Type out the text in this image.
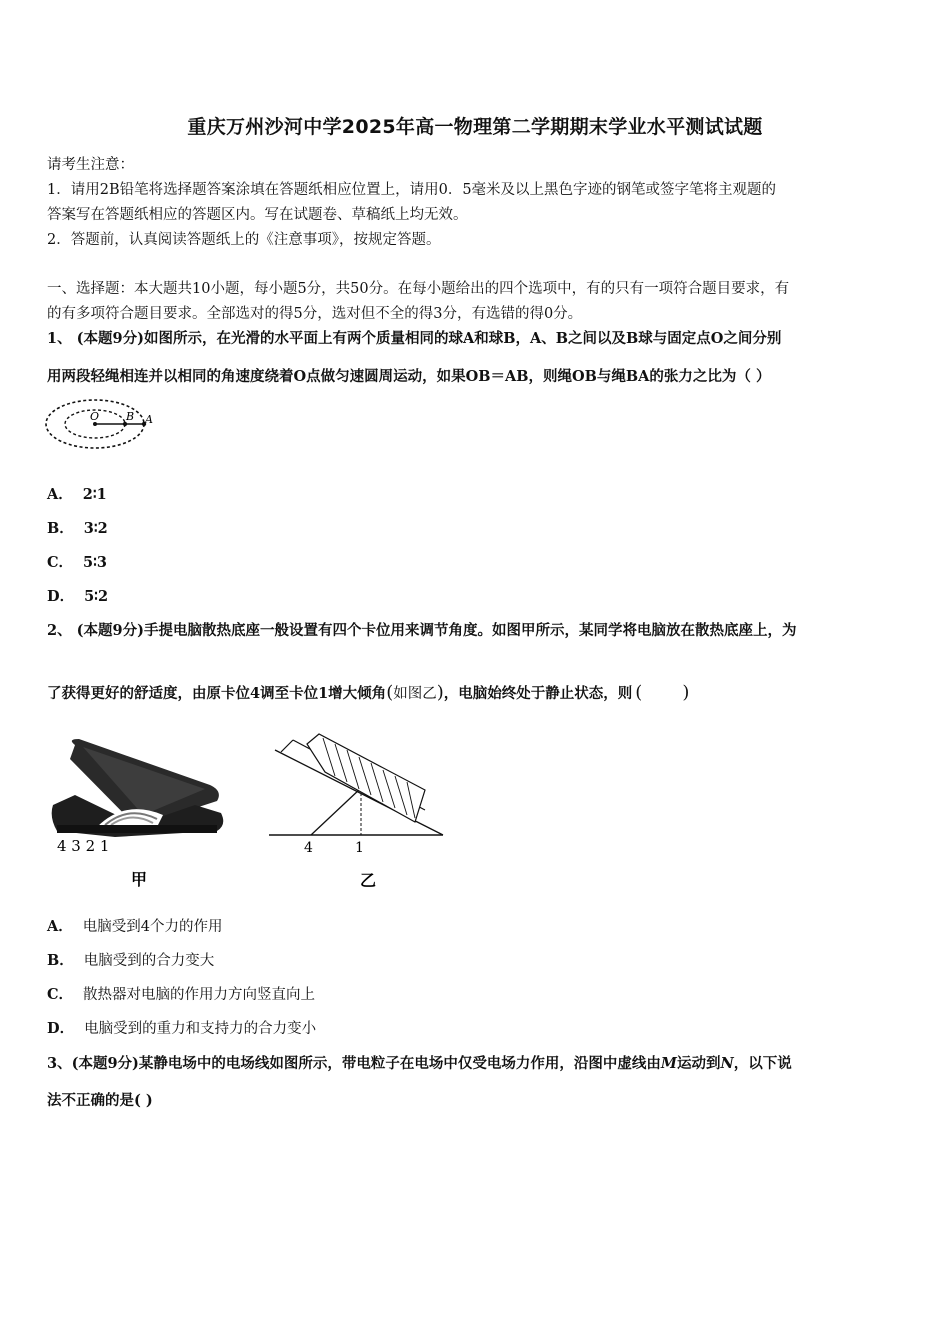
重庆万州沙河中学2025年高一物理第二学期期末学业水平测试试题
请考生注意：
1．请用2B铅笔将选择题答案涂填在答题纸相应位置上，请用0．5毫米及以上黑色字迹的钢笔或签字笔将主观题的
答案写在答题纸相应的答题区内。写在试题卷、草稿纸上均无效。
2．答题前，认真阅读答题纸上的《注意事项》，按规定答题。
一、选择题：本大题共10小题，每小题5分，共50分。在每小题给出的四个选项中，有的只有一项符合题目要求，有
的有多项符合题目要求。全部选对的得5分，选对但不全的得3分，有选错的得0分。
1、 (本题9分)如图所示，在光滑的水平面上有两个质量相同的球A和球B，A、B之间以及B球与固定点O之间分别
用两段轻绳相连并以相同的角速度绕着O点做匀速圆周运动，如果OB＝AB，则绳OB与绳BA的张力之比为（ ）
O B A
A． 2∶1
B． 3∶2
C． 5∶3
D． 5∶2
2、 (本题9分)手提电脑散热底座一般设置有四个卡位用来调节角度。如图甲所示，某同学将电脑放在散热底座上，为
了获得更好的舒适度，由原卡位4调至卡位1增大倾角(如图乙)，电脑始终处于静止状态，则 (       )
4 3 2 1
甲
4	1
乙
A． 电脑受到4个力的作用
B． 电脑受到的合力变大
C． 散热器对电脑的作用力方向竖直向上
D． 电脑受到的重力和支持力的合力变小
3、(本题9分)某静电场中的电场线如图所示，带电粒子在电场中仅受电场力作用，沿图中虚线由M运动到N，以下说
法不正确的是( )
